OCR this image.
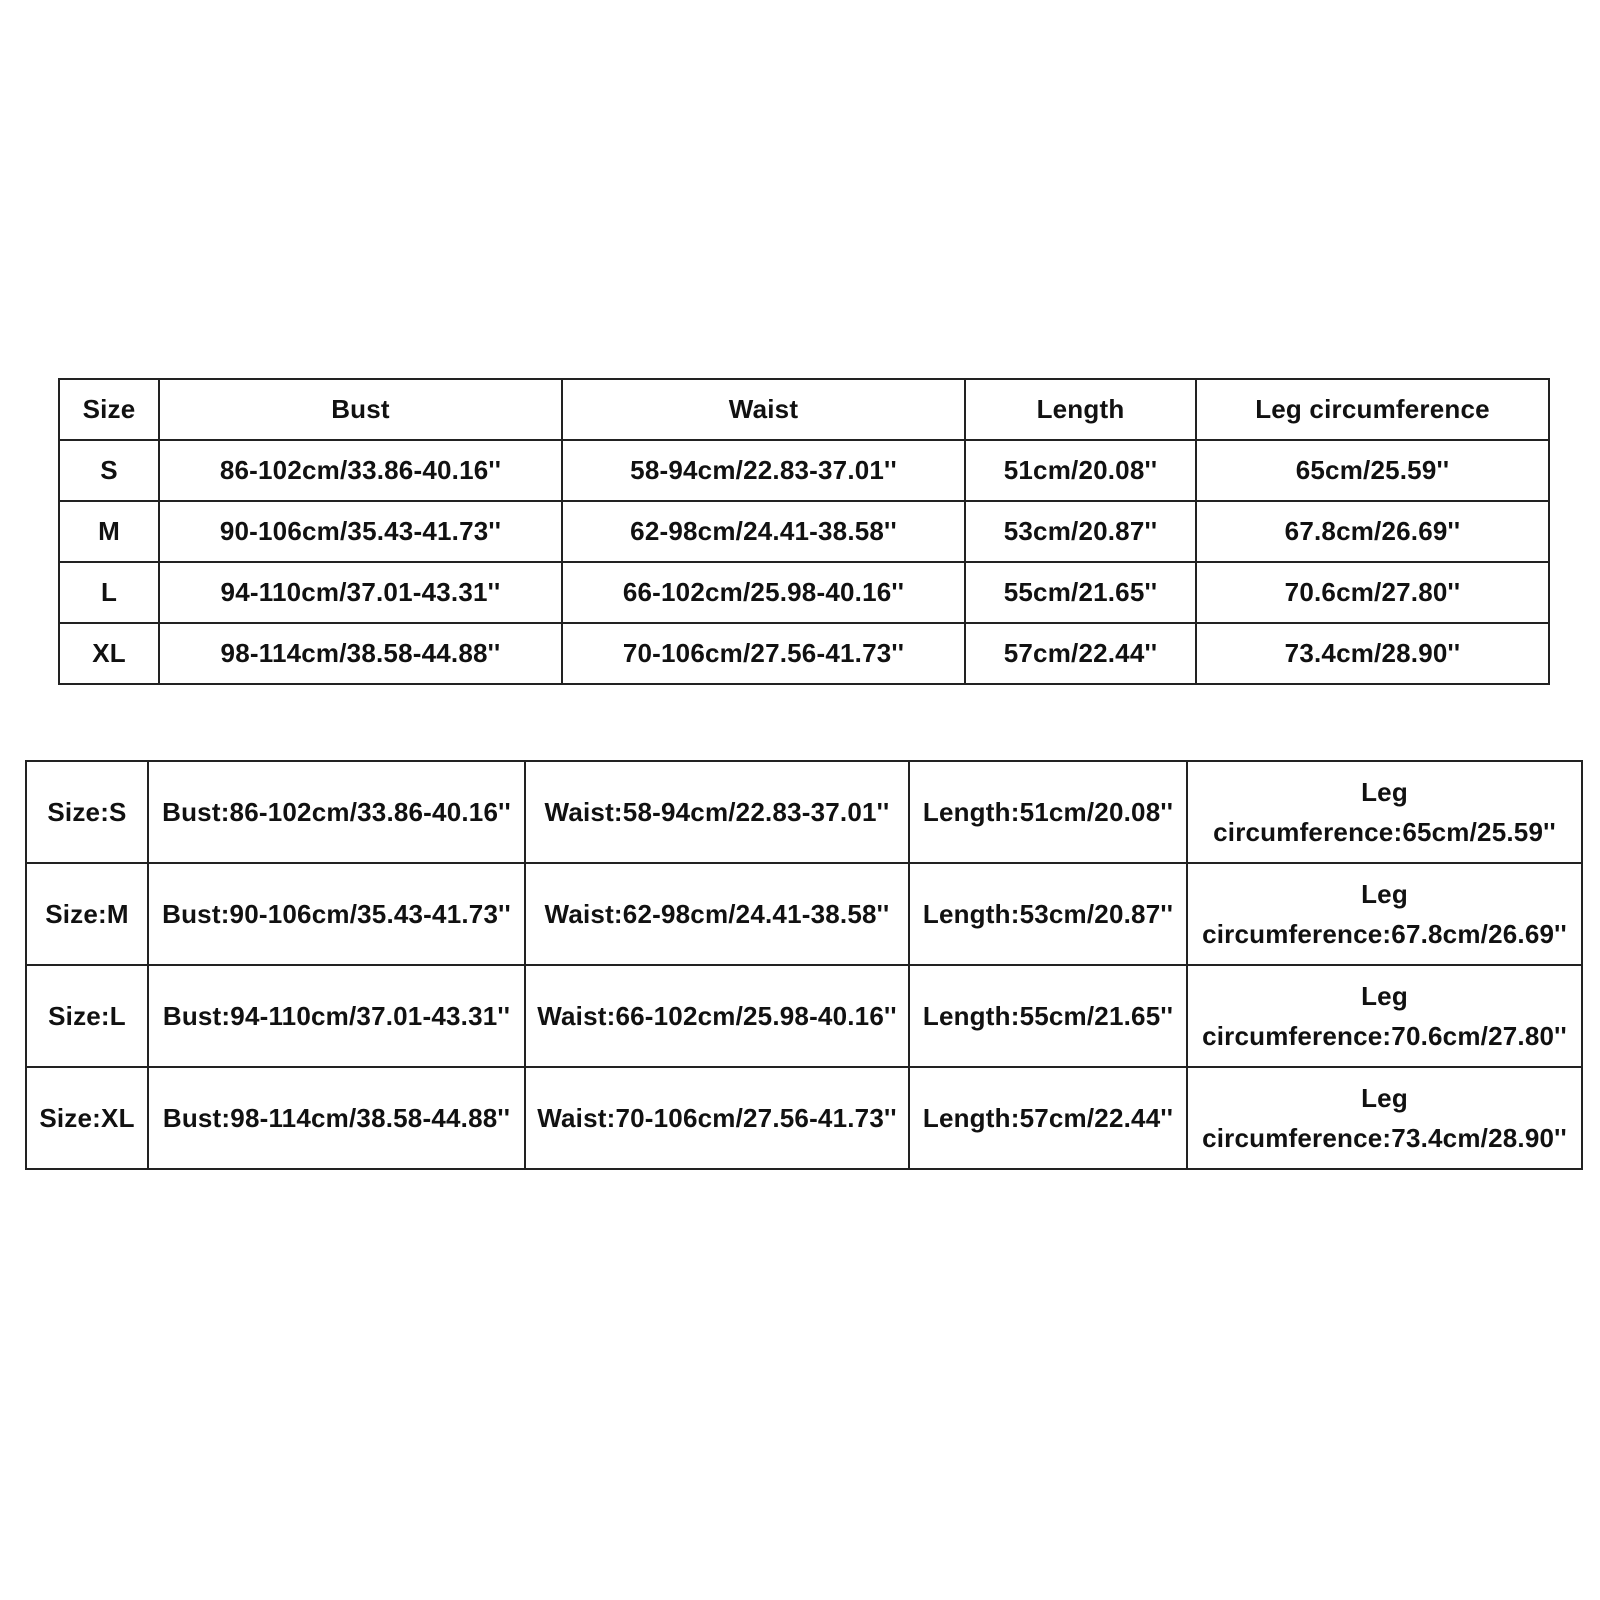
Size	Bust	Waist	Length	Leg circumference
S	86-102cm/33.86-40.16''	58-94cm/22.83-37.01''	51cm/20.08''	65cm/25.59''
M	90-106cm/35.43-41.73''	62-98cm/24.41-38.58''	53cm/20.87''	67.8cm/26.69''
L	94-110cm/37.01-43.31''	66-102cm/25.98-40.16''	55cm/21.65''	70.6cm/27.80''
XL	98-114cm/38.58-44.88''	70-106cm/27.56-41.73''	57cm/22.44''	73.4cm/28.90''
Size:S	Bust:86-102cm/33.86-40.16''	Waist:58-94cm/22.83-37.01''	Length:51cm/20.08''	Leg
circumference:65cm/25.59''

Size:M	Bust:90-106cm/35.43-41.73''	Waist:62-98cm/24.41-38.58''	Length:53cm/20.87''	Leg
circumference:67.8cm/26.69''

Size:L	Bust:94-110cm/37.01-43.31''	Waist:66-102cm/25.98-40.16''	Length:55cm/21.65''	Leg
circumference:70.6cm/27.80''

Size:XL	Bust:98-114cm/38.58-44.88''	Waist:70-106cm/27.56-41.73''	Length:57cm/22.44''	Leg
circumference:73.4cm/28.90''
